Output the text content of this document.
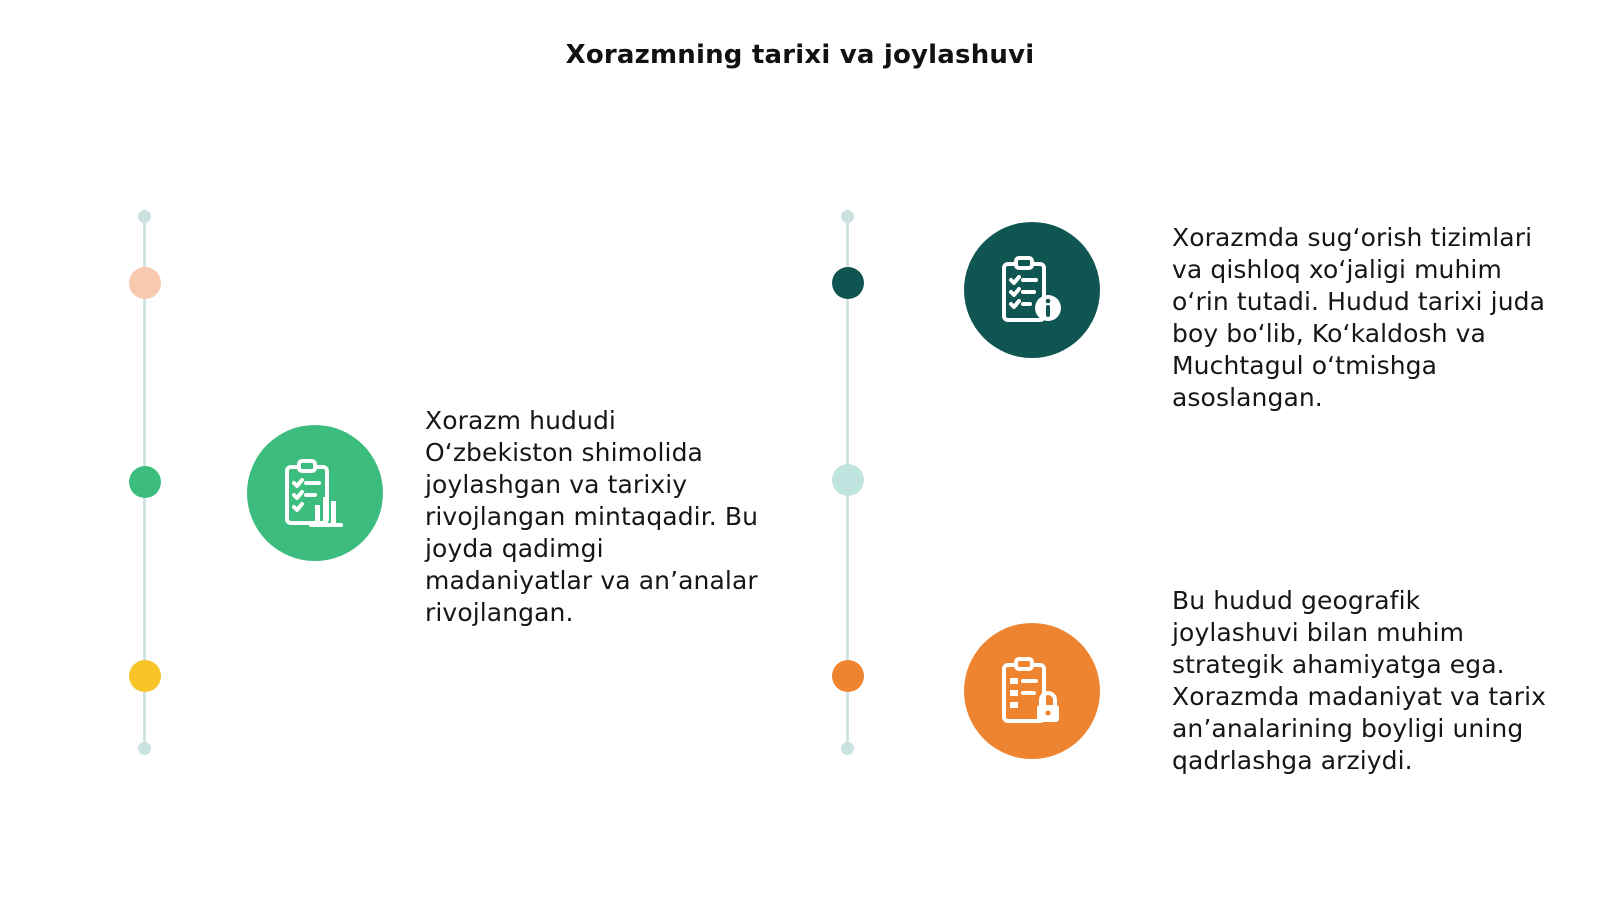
Xorazmning tarixi va joylashuvi
Xorazm hududi O‘zbekiston shimolida joylashgan va tarixiy rivojlangan mintaqadir. Bu joyda qadimgi madaniyatlar va an’analar rivojlangan.
Xorazmda sug‘orish tizimlari va qishloq xo‘jaligi muhim o‘rin tutadi. Hudud tarixi juda boy bo‘lib, Ko‘kaldosh va Muchtagul o‘tmishga asoslangan.
Bu hudud geografik joylashuvi bilan muhim strategik ahamiyatga ega. Xorazmda madaniyat va tarix an’analarining boyligi uning qadrlashga arziydi.
